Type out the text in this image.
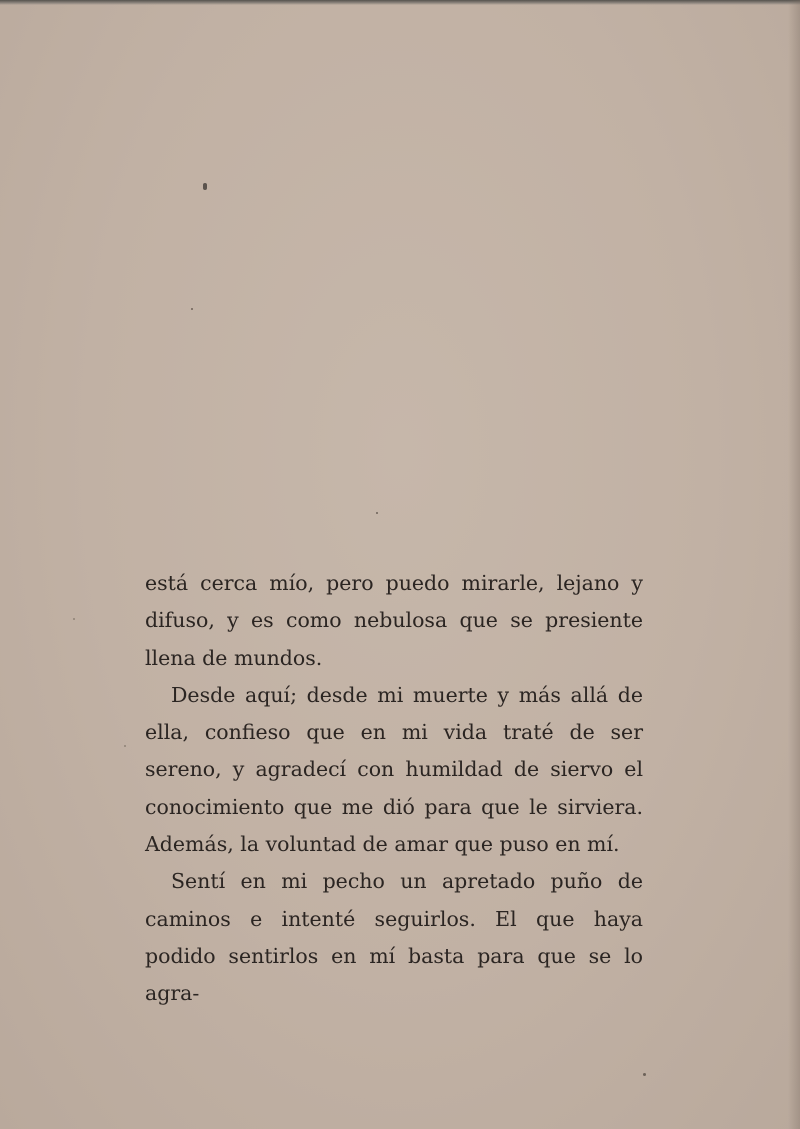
está cerca mío, pero puedo mirarle, lejano y difuso, y es como nebulosa que se presiente llena de mundos.

Desde aquí; desde mi muerte y más allá de ella, confieso que en mi vida traté de ser sereno, y agradecí con humildad de siervo el conocimiento que me dió para que le sirviera. Además, la voluntad de amar que puso en mí.

Sentí en mi pecho un apretado puño de caminos e intenté seguirlos. El que haya podido sentirlos en mí basta para que se lo agra-
